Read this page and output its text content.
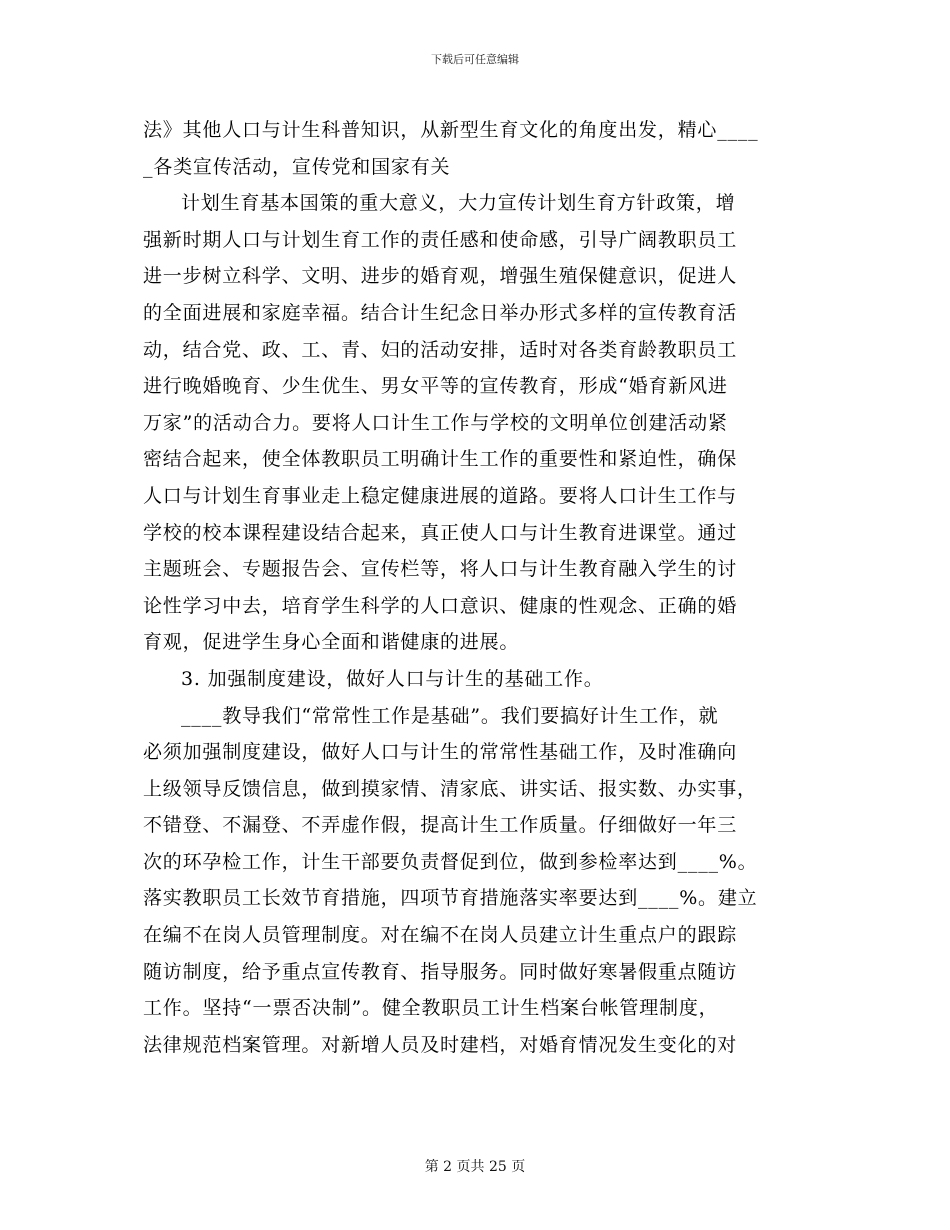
下载后可任意编辑
法》其他人口与计生科普知识，从新型生育文化的角度出发，精心____
_各类宣传活动，宣传党和国家有关
计划生育基本国策的重大意义，大力宣传计划生育方针政策，增
强新时期人口与计划生育工作的责任感和使命感，引导广阔教职员工
进一步树立科学、文明、进步的婚育观，增强生殖保健意识，促进人
的全面进展和家庭幸福。结合计生纪念日举办形式多样的宣传教育活
动，结合党、政、工、青、妇的活动安排，适时对各类育龄教职员工
进行晚婚晚育、少生优生、男女平等的宣传教育，形成“婚育新风进
万家”的活动合力。要将人口计生工作与学校的文明单位创建活动紧
密结合起来，使全体教职员工明确计生工作的重要性和紧迫性，确保
人口与计划生育事业走上稳定健康进展的道路。要将人口计生工作与
学校的校本课程建设结合起来，真正使人口与计生教育进课堂。通过
主题班会、专题报告会、宣传栏等，将人口与计生教育融入学生的讨
论性学习中去，培育学生科学的人口意识、健康的性观念、正确的婚
育观，促进学生身心全面和谐健康的进展。
3. 加强制度建设，做好人口与计生的基础工作。
____教导我们“常常性工作是基础”。我们要搞好计生工作，就
必须加强制度建设，做好人口与计生的常常性基础工作，及时准确向
上级领导反馈信息，做到摸家情、清家底、讲实话、报实数、办实事，
不错登、不漏登、不弄虚作假，提高计生工作质量。仔细做好一年三
次的环孕检工作，计生干部要负责督促到位，做到参检率达到____%。
落实教职员工长效节育措施，四项节育措施落实率要达到____%。建立
在编不在岗人员管理制度。对在编不在岗人员建立计生重点户的跟踪
随访制度，给予重点宣传教育、指导服务。同时做好寒暑假重点随访
工作。坚持“一票否决制”。健全教职员工计生档案台帐管理制度，
法律规范档案管理。对新增人员及时建档，对婚育情况发生变化的对
第 2 页共 25 页
